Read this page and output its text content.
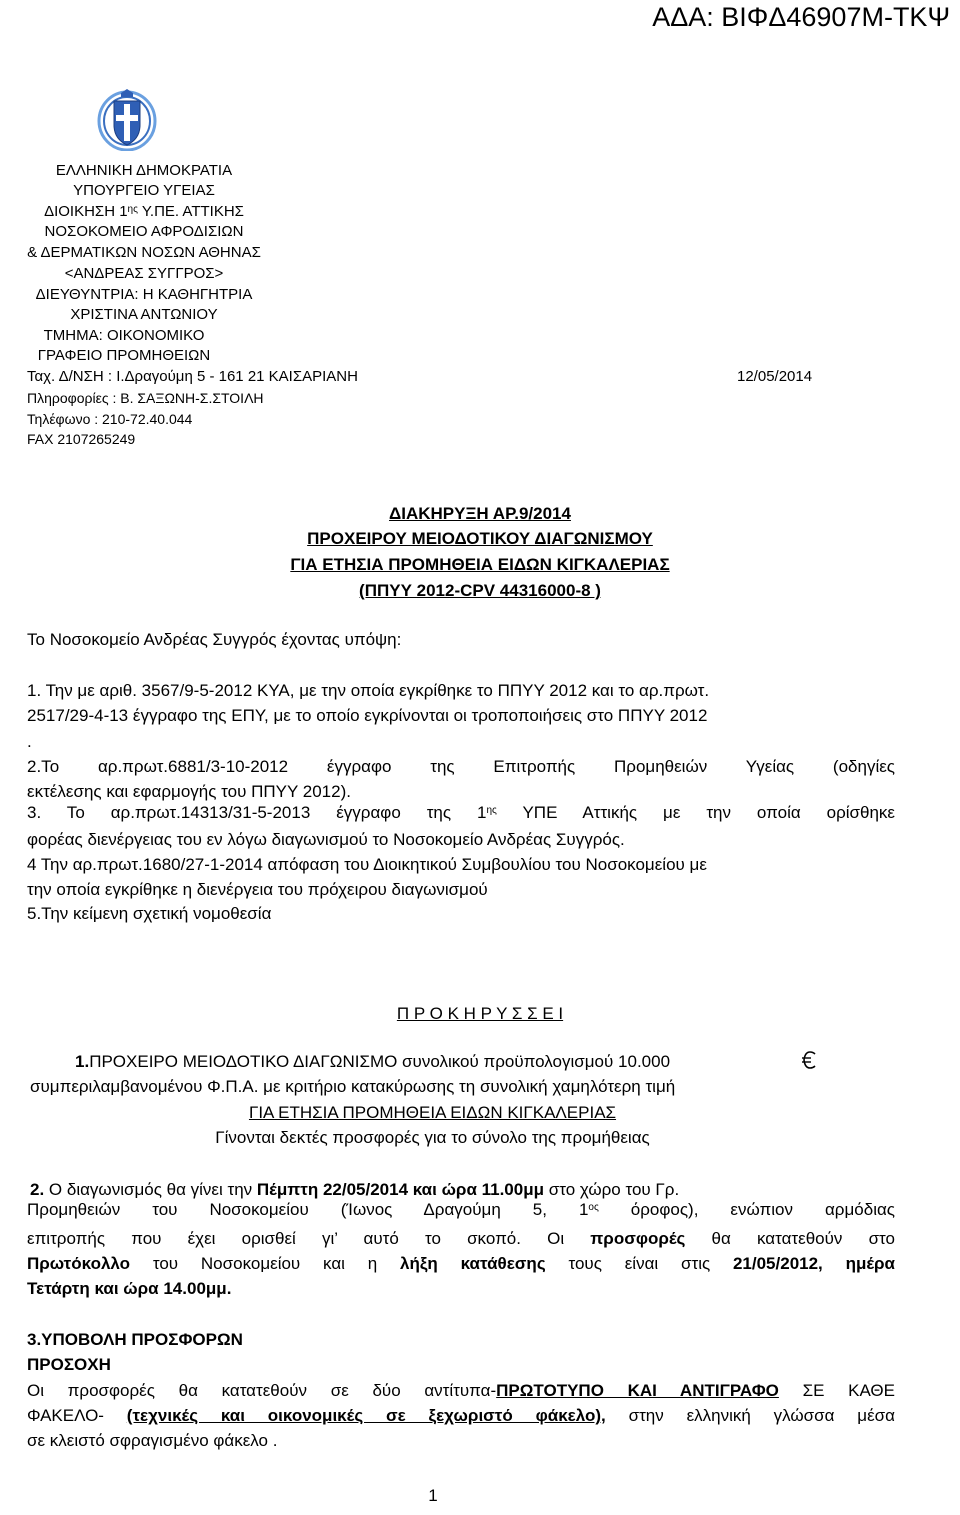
ΑΔΑ: ΒΙΦΔ46907Μ-ΤΚΨ
ΕΛΛΗΝΙΚΗ ΔΗΜΟΚΡΑΤΙΑ
ΥΠΟΥΡΓΕΙΟ ΥΓΕΙΑΣ
ΔΙΟΙΚΗΣΗ $1^{\eta\varsigma}$ Υ.ΠΕ. ΑΤΤΙΚΗΣ
ΝΟΣΟΚΟΜΕΙΟ ΑΦΡΟΔΙΣΙΩΝ
& ΔΕΡΜΑΤΙΚΩΝ ΝΟΣΩΝ ΑΘΗΝΑΣ
<ΑΝΔΡΕΑΣ ΣΥΓΓΡΟΣ>
ΔΙΕΥΘΥΝΤΡΙΑ: Η ΚΑΘΗΓΗΤΡΙΑ
ΧΡΙΣΤΙΝΑ ΑΝΤΩΝΙΟΥ
ΤΜΗΜΑ: ΟΙΚΟΝΟΜΙΚΟ
ΓΡΑΦΕΙΟ ΠΡΟΜΗΘΕΙΩΝ
Ταχ. Δ/ΝΣΗ : Ι.Δραγούμη 5 - 161 21 ΚΑΙΣΑΡΙΑΝΗ	12/05/2014
Πληροφορίες : Β. ΣΑΞΩΝΗ-Σ.ΣΤΟΙΛΗ
Τηλέφωνο : 210-72.40.044
FAX 2107265249
ΔΙΑΚΗΡΥΞΗ ΑΡ.9/2014
ΠΡΟΧΕΙΡΟΥ ΜΕΙΟΔΟΤΙΚΟΥ ΔΙΑΓΩΝΙΣΜΟΥ
ΓΙΑ ΕΤΗΣΙΑ ΠΡΟΜΗΘΕΙΑ ΕΙΔΩΝ ΚΙΓΚΑΛΕΡΙΑΣ
(ΠΠΥΥ 2012-CPV 44316000-8 )
Το Νοσοκομείο Ανδρέας Συγγρός έχοντας υπόψη:
1. Την με αριθ. 3567/9-5-2012 ΚΥΑ, με την οποία εγκρίθηκε το ΠΠΥΥ 2012 και το αρ.πρωτ.
2517/29-4-13 έγγραφο της ΕΠΥ, με το οποίο εγκρίνονται οι τροποποιήσεις στο ΠΠΥΥ 2012
.
2.Το αρ.πρωτ.6881/3-10-2012 έγγραφο της Επιτροπής Προμηθειών Υγείας (οδηγίες
εκτέλεσης και εφαρμογής του ΠΠΥΥ 2012).
3. Το αρ.πρωτ.14313/31-5-2013 έγγραφο της $1^{\eta\varsigma}$ ΥΠΕ Αττικής με την οποία ορίσθηκε
φορέας διενέργειας του εν λόγω διαγωνισμού το Νοσοκομείο Ανδρέας Συγγρός.
4 Την αρ.πρωτ.1680/27-1-2014 απόφαση του Διοικητικού Συμβουλίου του Νοσοκομείου με
την οποία εγκρίθηκε η διενέργεια του πρόχειρου διαγωνισμού
5.Την κείμενη σχετική νομοθεσία
Π Ρ Ο Κ Η Ρ Υ Σ Σ Ε Ι
1.ΠΡΟΧΕΙΡΟ ΜΕΙΟΔΟΤΙΚΟ ΔΙΑΓΩΝΙΣΜΟ συνολικού προϋπολογισμού 10.000
συμπεριλαμβανομένου Φ.Π.Α. με κριτήριο κατακύρωσης τη συνολική χαμηλότερη τιμή
ΓΙΑ ΕΤΗΣΙΑ ΠΡΟΜΗΘΕΙΑ ΕΙΔΩΝ ΚΙΓΚΑΛΕΡΙΑΣ
Γίνονται δεκτές προσφορές για το σύνολο της προμήθειας
2. Ο διαγωνισμός θα γίνει την Πέμπτη 22/05/2014 και ώρα 11.00μμ στο χώρο του Γρ.
Προμηθειών του Νοσοκομείου (Ίωνος Δραγούμη 5, $1^{o\varsigma}$ όροφος), ενώπιον αρμόδιας
επιτροπής που έχει ορισθεί γι’ αυτό το σκοπό. Οι προσφορές θα κατατεθούν στο
Πρωτόκολλο του Νοσοκομείου και η λήξη κατάθεσης τους είναι στις 21/05/2012, ημέρα
Τετάρτη και ώρα 14.00μμ.
3.ΥΠΟΒΟΛΗ ΠΡΟΣΦΟΡΩΝ
ΠΡΟΣΟΧΗ
Οι προσφορές θα κατατεθούν σε δύο αντίτυπα-ΠΡΩΤΟΤΥΠΟ ΚΑΙ ΑΝΤΙΓΡΑΦΟ ΣΕ ΚΑΘΕ
ΦΑΚΕΛΟ- (τεχνικές και οικονομικές σε ξεχωριστό φάκελο), στην ελληνική γλώσσα μέσα
σε κλειστό σφραγισμένο φάκελο .
1
